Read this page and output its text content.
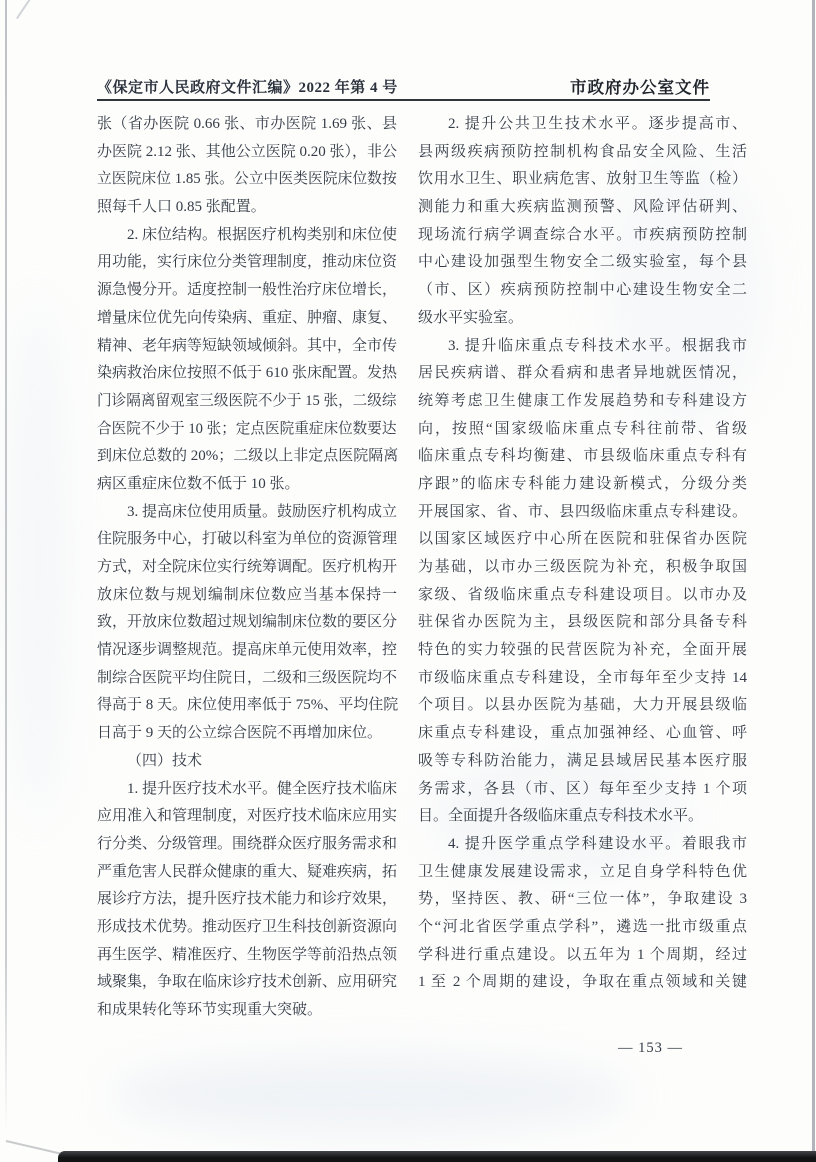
《保定市人民政府文件汇编》2022 年第 4 号	市政府办公室文件
张（省办医院 0.66 张、市办医院 1.69 张、县
办医院 2.12 张、其他公立医院 0.20 张），非公
立医院床位 1.85 张。公立中医类医院床位数按
照每千人口 0.85 张配置。
2. 床位结构。根据医疗机构类别和床位使
用功能，实行床位分类管理制度，推动床位资
源急慢分开。适度控制一般性治疗床位增长，
增量床位优先向传染病、重症、肿瘤、康复、
精神、老年病等短缺领域倾斜。其中，全市传
染病救治床位按照不低于 610 张床配置。发热
门诊隔离留观室三级医院不少于 15 张，二级综
合医院不少于 10 张；定点医院重症床位数要达
到床位总数的 20%；二级以上非定点医院隔离
病区重症床位数不低于 10 张。
3. 提高床位使用质量。鼓励医疗机构成立
住院服务中心，打破以科室为单位的资源管理
方式，对全院床位实行统筹调配。医疗机构开
放床位数与规划编制床位数应当基本保持一
致，开放床位数超过规划编制床位数的要区分
情况逐步调整规范。提高床单元使用效率，控
制综合医院平均住院日，二级和三级医院均不
得高于 8 天。床位使用率低于 75%、平均住院
日高于 9 天的公立综合医院不再增加床位。
（四）技术
1. 提升医疗技术水平。健全医疗技术临床
应用准入和管理制度，对医疗技术临床应用实
行分类、分级管理。围绕群众医疗服务需求和
严重危害人民群众健康的重大、疑难疾病，拓
展诊疗方法，提升医疗技术能力和诊疗效果，
形成技术优势。推动医疗卫生科技创新资源向
再生医学、精准医疗、生物医学等前沿热点领
域聚集，争取在临床诊疗技术创新、应用研究
和成果转化等环节实现重大突破。
2. 提升公共卫生技术水平。逐步提高市、
县两级疾病预防控制机构食品安全风险、生活
饮用水卫生、职业病危害、放射卫生等监（检）
测能力和重大疾病监测预警、风险评估研判、
现场流行病学调查综合水平。市疾病预防控制
中心建设加强型生物安全二级实验室，每个县
（市、区）疾病预防控制中心建设生物安全二
级水平实验室。
3. 提升临床重点专科技术水平。根据我市
居民疾病谱、群众看病和患者异地就医情况，
统筹考虑卫生健康工作发展趋势和专科建设方
向，按照“国家级临床重点专科往前带、省级
临床重点专科均衡建、市县级临床重点专科有
序跟”的临床专科能力建设新模式，分级分类
开展国家、省、市、县四级临床重点专科建设。
以国家区域医疗中心所在医院和驻保省办医院
为基础，以市办三级医院为补充，积极争取国
家级、省级临床重点专科建设项目。以市办及
驻保省办医院为主，县级医院和部分具备专科
特色的实力较强的民营医院为补充，全面开展
市级临床重点专科建设，全市每年至少支持 14
个项目。以县办医院为基础，大力开展县级临
床重点专科建设，重点加强神经、心血管、呼
吸等专科防治能力，满足县域居民基本医疗服
务需求，各县（市、区）每年至少支持 1 个项
目。全面提升各级临床重点专科技术水平。
4. 提升医学重点学科建设水平。着眼我市
卫生健康发展建设需求，立足自身学科特色优
势，坚持医、教、研“三位一体”，争取建设 3
个“河北省医学重点学科”，遴选一批市级重点
学科进行重点建设。以五年为 1 个周期，经过
1 至 2 个周期的建设，争取在重点领域和关键
— 153 —
